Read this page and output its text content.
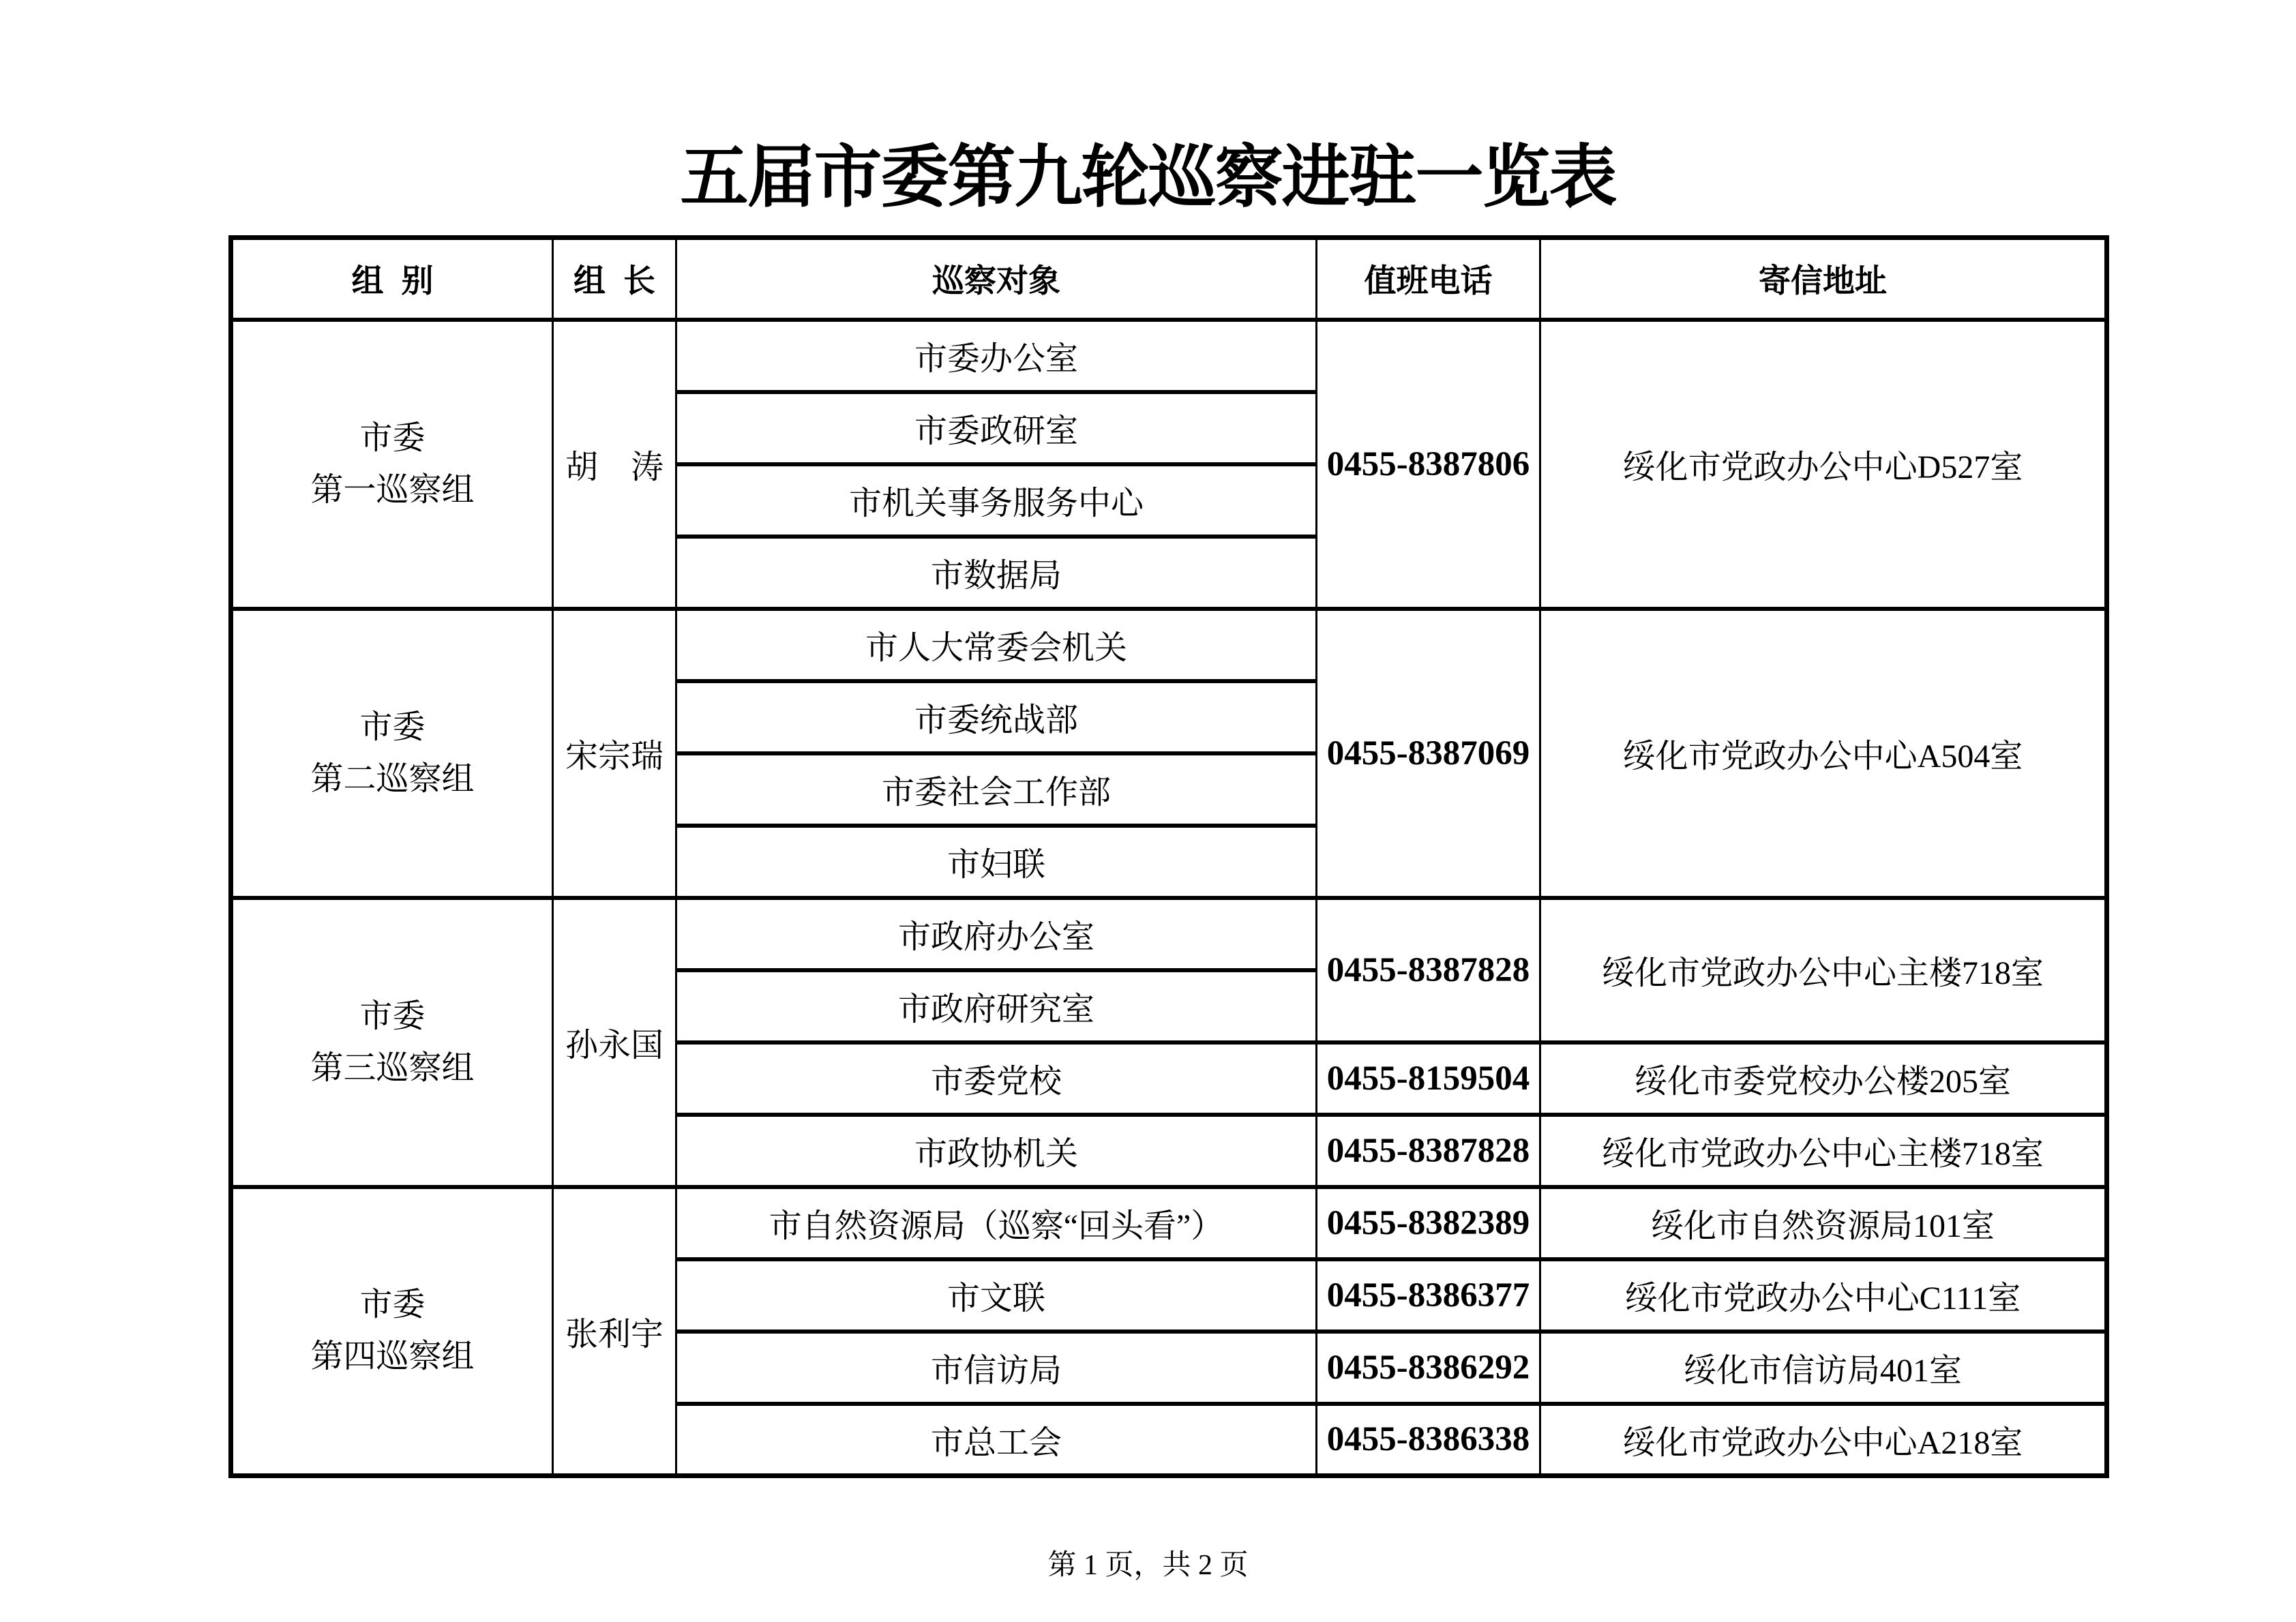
五届市委第九轮巡察进驻一览表
组  别	组  长	巡察对象	值班电话	寄信地址

市委
第一巡察组	胡　涛	市委办公室	0455-8387806	绥化市党政办公中心D527室
		市委政研室		
		市机关事务服务中心		
		市数据局		

市委
第二巡察组	宋宗瑞	市人大常委会机关	0455-8387069	绥化市党政办公中心A504室
		市委统战部		
		市委社会工作部		
		市妇联		

市委
第三巡察组	孙永国	市政府办公室	0455-8387828	绥化市党政办公中心主楼718室
		市政府研究室		
		市委党校	0455-8159504	绥化市委党校办公楼205室
		市政协机关	0455-8387828	绥化市党政办公中心主楼718室

市委
第四巡察组	张利宇	市自然资源局（巡察“回头看”）	0455-8382389	绥化市自然资源局101室
		市文联	0455-8386377	绥化市党政办公中心C111室
		市信访局	0455-8386292	绥化市信访局401室
		市总工会	0455-8386338	绥化市党政办公中心A218室
第 1 页，共 2 页
